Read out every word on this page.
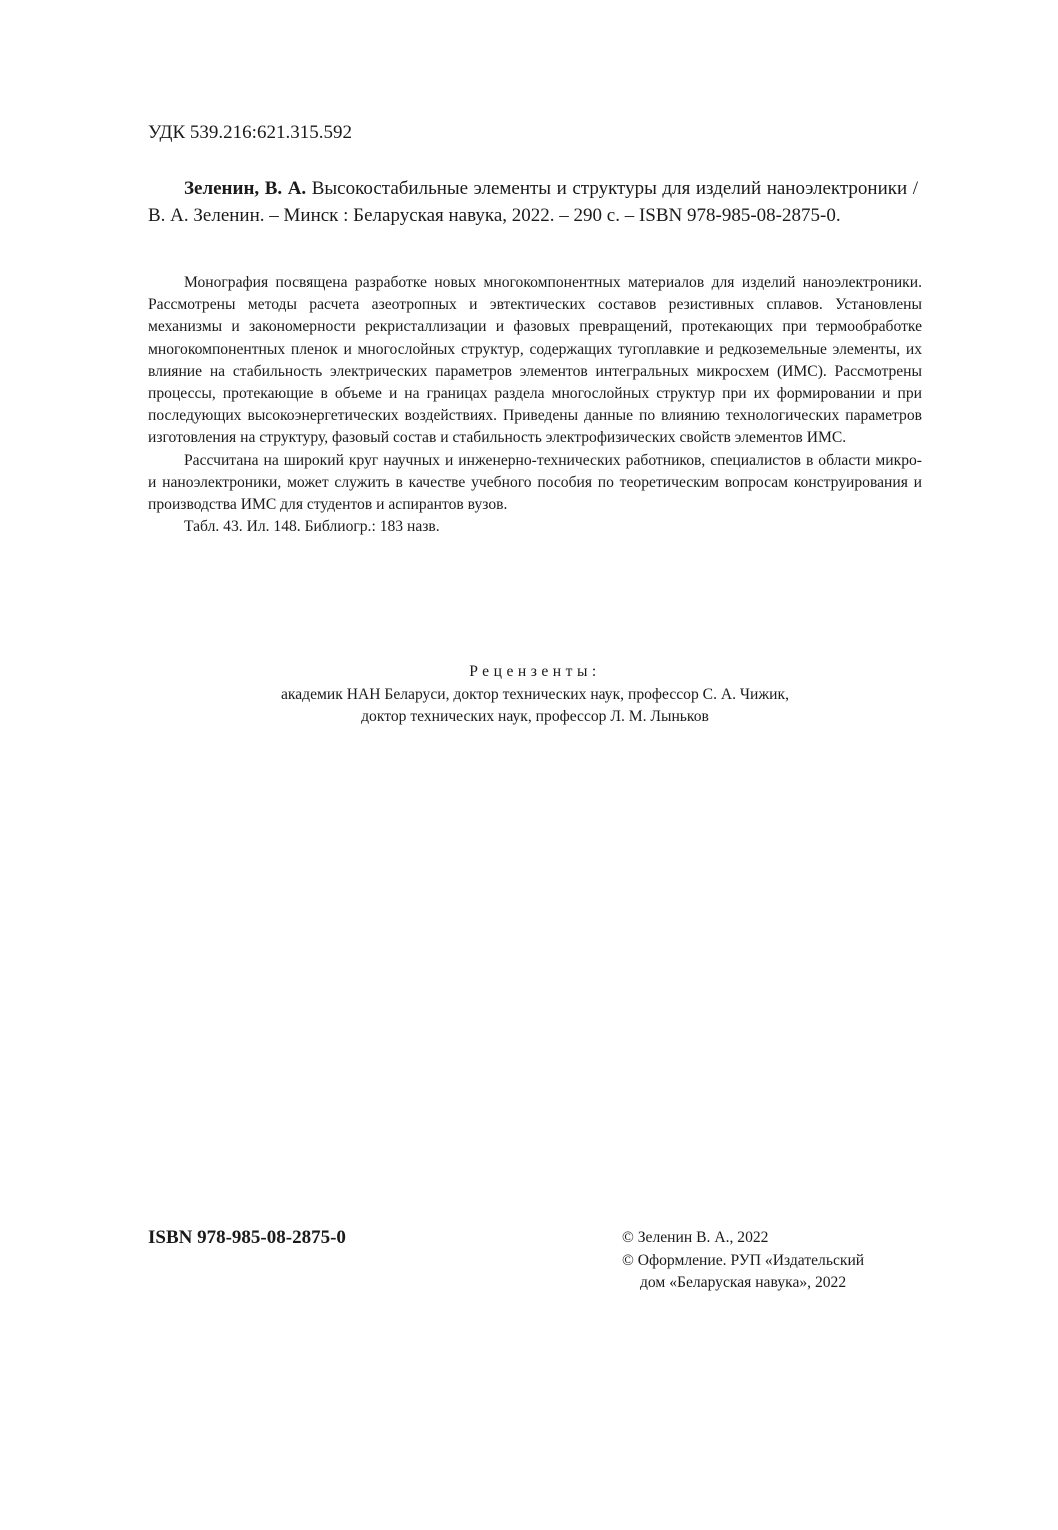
УДК 539.216:621.315.592
Зеленин, В. А. Высокостабильные элементы и структуры для изделий наноэлектроники / В. А. Зеленин. – Минск : Беларуская навука, 2022. – 290 с. – ISBN 978-985-08-2875-0.

Монография посвящена разработке новых многокомпонентных материалов для изделий наноэлектроники. Рассмотрены методы расчета азеотропных и эвтектических составов резистивных сплавов. Установлены механизмы и закономерности рекристаллизации и фазовых превращений, протекающих при термообработке многокомпонентных пленок и многослойных структур, содержащих тугоплавкие и редкоземельные элементы, их влияние на стабильность электрических параметров элементов интегральных микросхем (ИМС). Рассмотрены процессы, протекающие в объеме и на границах раздела многослойных структур при их формировании и при последующих высокоэнергетических воздействиях. Приведены данные по влиянию технологических параметров изготовления на структуру, фазовый состав и стабильность электрофизических свойств элементов ИМС.

Рассчитана на широкий круг научных и инженерно-технических работников, специалистов в области микро- и наноэлектроники, может служить в качестве учебного пособия по теоретическим вопросам конструирования и производства ИМС для студентов и аспирантов вузов.

Табл. 43. Ил. 148. Библиогр.: 183 назв.

Рецензенты:
академик НАН Беларуси, доктор технических наук, профессор С. А. Чижик,
доктор технических наук, профессор Л. М. Лыньков
ISBN 978-985-08-2875-0	© Зеленин В. А., 2022
© Оформление. РУП «Издательский
дом «Беларуская навука», 2022
